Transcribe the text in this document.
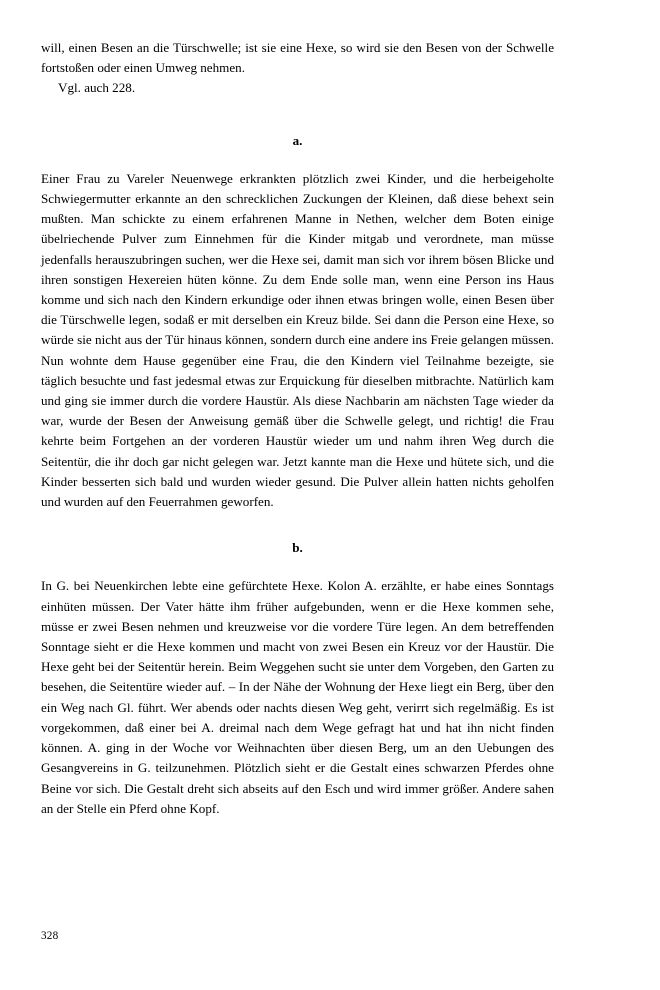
will, einen Besen an die Türschwelle; ist sie eine Hexe, so wird sie den Besen von der Schwelle fortstoßen oder einen Umweg nehmen.

Vgl. auch 228.

a.

Einer Frau zu Vareler Neuenwege erkrankten plötzlich zwei Kinder, und die herbeigeholte Schwiegermutter erkannte an den schrecklichen Zuckungen der Kleinen, daß diese behext sein mußten. Man schickte zu einem erfahrenen Manne in Nethen, welcher dem Boten einige übelriechende Pulver zum Einnehmen für die Kinder mitgab und verordnete, man müsse jedenfalls herauszubringen suchen, wer die Hexe sei, damit man sich vor ihrem bösen Blicke und ihren sonstigen Hexereien hüten könne. Zu dem Ende solle man, wenn eine Person ins Haus komme und sich nach den Kindern erkundige oder ihnen etwas bringen wolle, einen Besen über die Türschwelle legen, sodaß er mit derselben ein Kreuz bilde. Sei dann die Person eine Hexe, so würde sie nicht aus der Tür hinaus können, sondern durch eine andere ins Freie gelangen müssen. Nun wohnte dem Hause gegenüber eine Frau, die den Kindern viel Teilnahme bezeigte, sie täglich besuchte und fast jedesmal etwas zur Erquickung für dieselben mitbrachte. Natürlich kam und ging sie immer durch die vordere Haustür. Als diese Nachbarin am nächsten Tage wieder da war, wurde der Besen der Anweisung gemäß über die Schwelle gelegt, und richtig! die Frau kehrte beim Fortgehen an der vorderen Haustür wieder um und nahm ihren Weg durch die Seitentür, die ihr doch gar nicht gelegen war. Jetzt kannte man die Hexe und hütete sich, und die Kinder besserten sich bald und wurden wieder gesund. Die Pulver allein hatten nichts geholfen und wurden auf den Feuerrahmen geworfen.

b.

In G. bei Neuenkirchen lebte eine gefürchtete Hexe. Kolon A. erzählte, er habe eines Sonntags einhüten müssen. Der Vater hätte ihm früher aufgebunden, wenn er die Hexe kommen sehe, müsse er zwei Besen nehmen und kreuzweise vor die vordere Türe legen. An dem betreffenden Sonntage sieht er die Hexe kommen und macht von zwei Besen ein Kreuz vor der Haustür. Die Hexe geht bei der Seitentür herein. Beim Weggehen sucht sie unter dem Vorgeben, den Garten zu besehen, die Seitentüre wieder auf. – In der Nähe der Wohnung der Hexe liegt ein Berg, über den ein Weg nach Gl. führt. Wer abends oder nachts diesen Weg geht, verirrt sich regelmäßig. Es ist vorgekommen, daß einer bei A. dreimal nach dem Wege gefragt hat und hat ihn nicht finden können. A. ging in der Woche vor Weihnachten über diesen Berg, um an den Uebungen des Gesangvereins in G. teilzunehmen. Plötzlich sieht er die Gestalt eines schwarzen Pferdes ohne Beine vor sich. Die Gestalt dreht sich abseits auf den Esch und wird immer größer. Andere sahen an der Stelle ein Pferd ohne Kopf.

328
